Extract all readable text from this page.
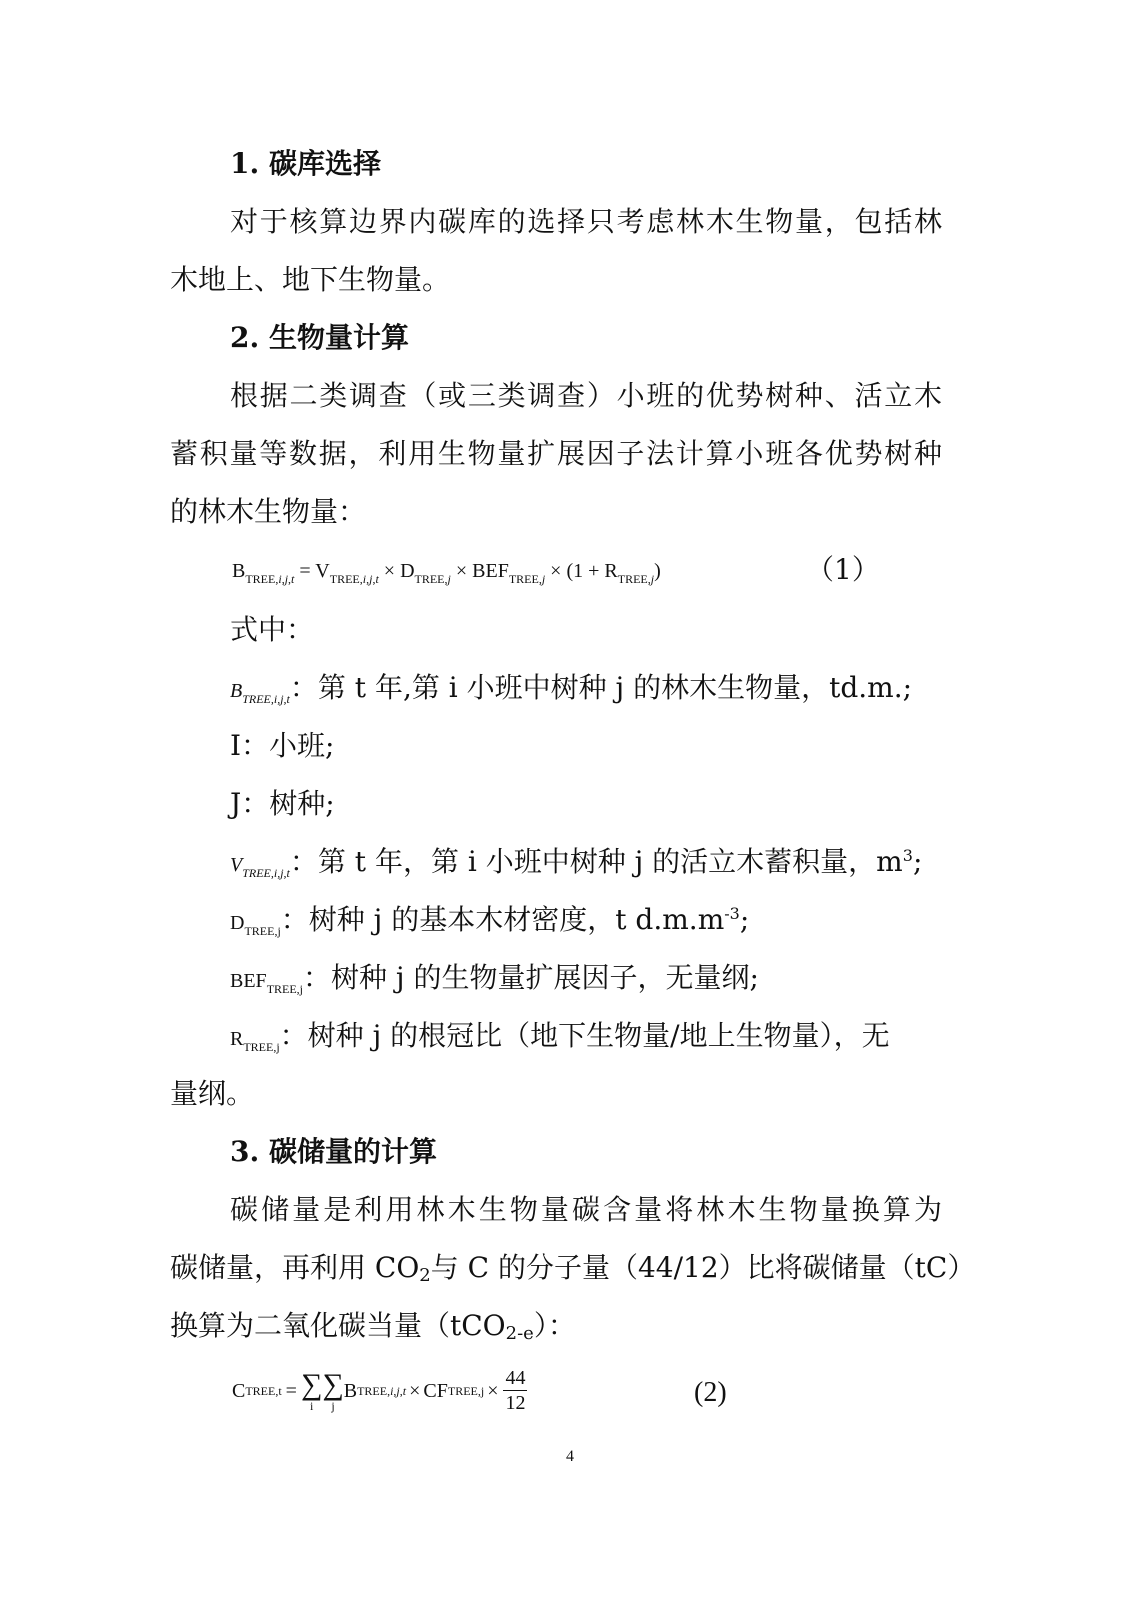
1. 碳库选择
对于核算边界内碳库的选择只考虑林木生物量，包括林
木地上、地下生物量。
2. 生物量计算
根据二类调查（或三类调查）小班的优势树种、活立木
蓄积量等数据，利用生物量扩展因子法计算小班各优势树种
的林木生物量：
$B_{TREE,i,j,t} = V_{TREE,i,j,t} \times D_{TREE,j} \times BEF_{TREE,j} \times (1 + R_{TREE,j})$	（1）
式中：
$B_{TREE,i,j,t}$：第 t 年,第 i 小班中树种 j 的林木生物量，td.m.;
I：小班;
J：树种;
$V_{TREE,i,j,t}$：第 t 年，第 i 小班中树种 j 的活立木蓄积量，$m^3$;
$D_{TREE,j}$：树种 j 的基本木材密度，t $d.m.m^{-3}$;
$BEF_{TREE,j}$：树种 j 的生物量扩展因子，无量纲;
$R_{TREE,j}$：树种 j 的根冠比（地下生物量/地上生物量），无
量纲。
3. 碳储量的计算
碳储量是利用林木生物量碳含量将林木生物量换算为
碳储量，再利用 $CO_2$与 C 的分子量（44/12）比将碳储量（tC）
换算为二氧化碳当量（tCO$_{2-e}$）：
C TREE,t = ∑
i
∑
j
B TREE,i,j,t × CF TREE,j × $\frac{44}{12}$	(2)
4
